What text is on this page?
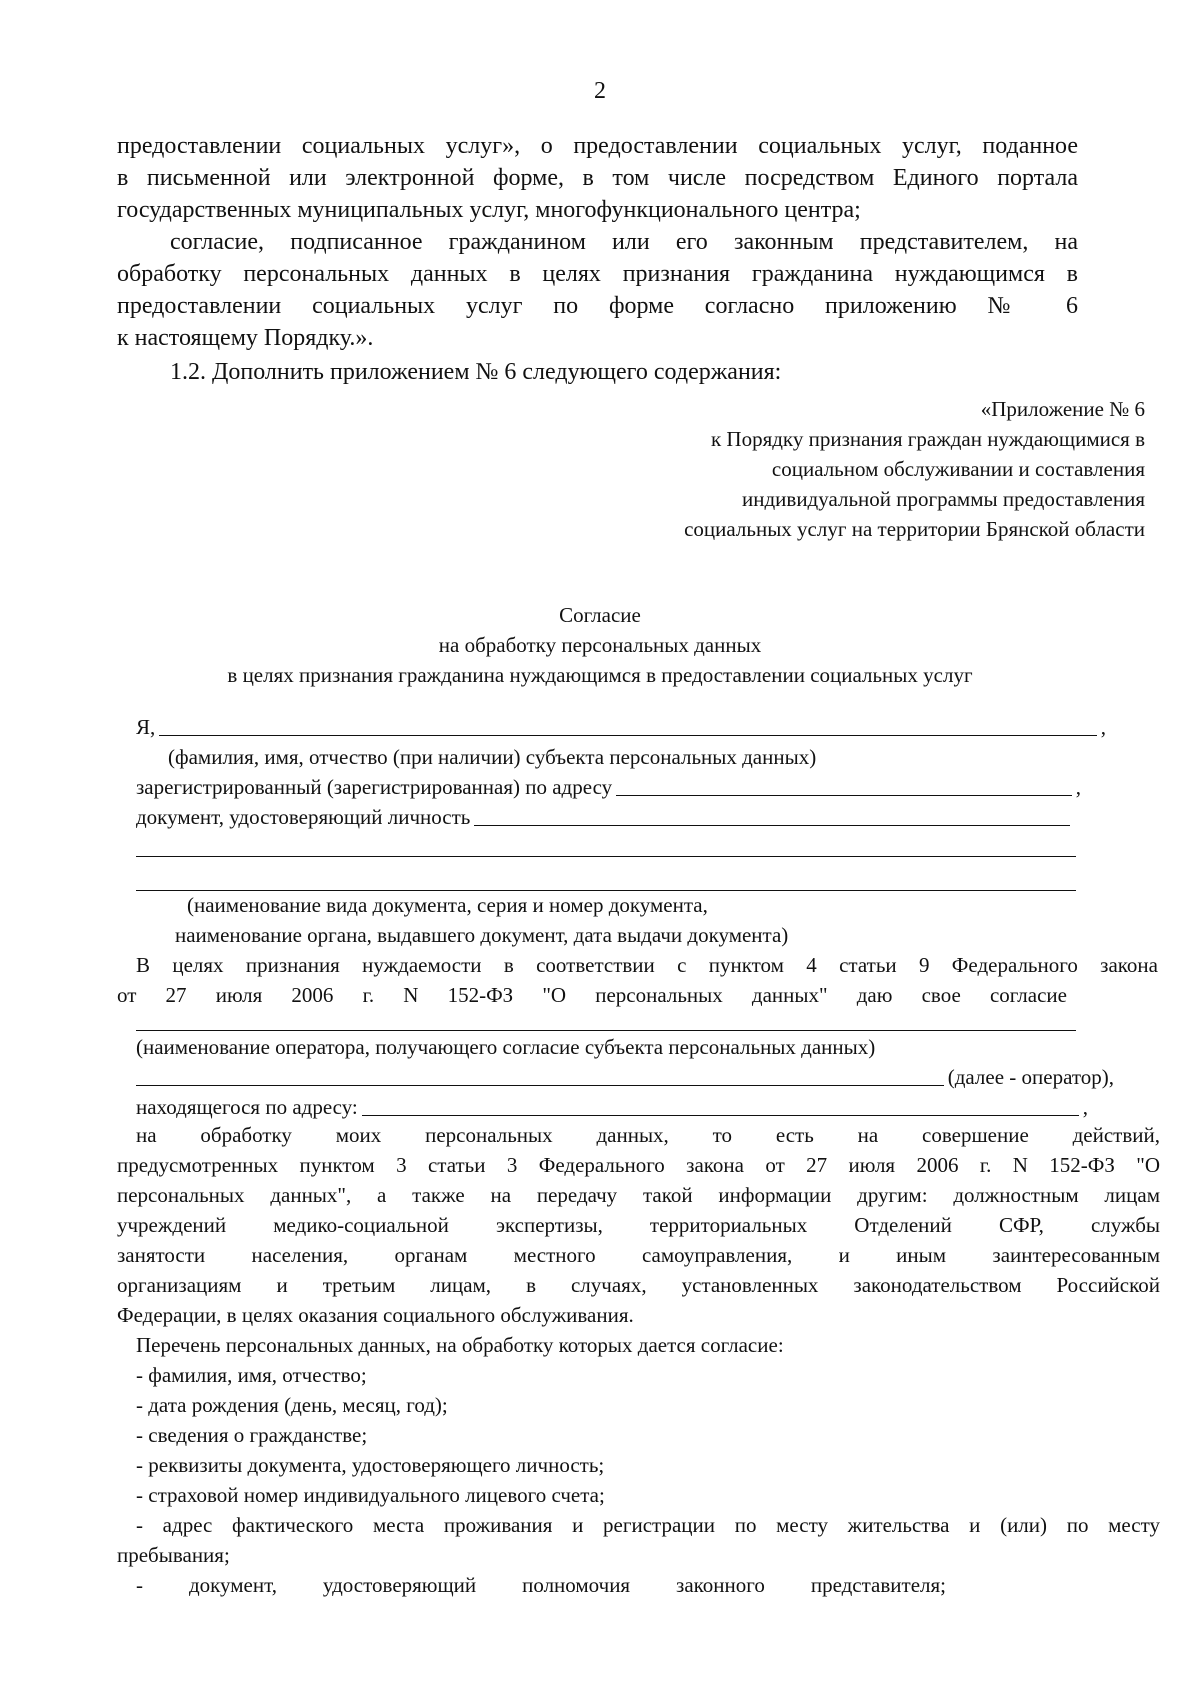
2
предоставлении социальных услуг», о предоставлении социальных услуг, поданное
в письменной или электронной форме, в том числе посредством Единого портала
государственных муниципальных услуг, многофункционального центра;
согласие, подписанное гражданином или его законным представителем, на
обработку персональных данных в целях признания гражданина нуждающимся в
предоставлении социальных услуг по форме согласно приложению № 6
к настоящему Порядку.».
1.2. Дополнить приложением № 6 следующего содержания:
«Приложение № 6
к Порядку признания граждан нуждающимися в
социальном обслуживании и составления
индивидуальной программы предоставления
социальных услуг на территории Брянской области
Согласие
на обработку персональных данных
в целях признания гражданина нуждающимся в предоставлении социальных услуг
Я,	,
(фамилия, имя, отчество (при наличии) субъекта персональных данных)
зарегистрированный (зарегистрированная) по адресу	,
документ, удостоверяющий личность
(наименование вида документа, серия и номер документа,
наименование органа, выдавшего документ, дата выдачи документа)
В целях признания нуждаемости в соответствии с пунктом 4 статьи 9 Федерального закона
от 27 июля 2006 г. N 152-ФЗ "О персональных данных" даю свое согласие
(наименование оператора, получающего согласие субъекта персональных данных)
(далее - оператор),
находящегося по адресу:	,
на обработку моих персональных данных, то есть на совершение действий,
предусмотренных пунктом 3 статьи 3 Федерального закона от 27 июля 2006 г. N 152-ФЗ "О
персональных данных", а также на передачу такой информации другим: должностным лицам
учреждений медико-социальной экспертизы, территориальных Отделений СФР, службы
занятости населения, органам местного самоуправления, и иным заинтересованным
организациям и третьим лицам, в случаях, установленных законодательством Российской
Федерации, в целях оказания социального обслуживания.
Перечень персональных данных, на обработку которых дается согласие:
- фамилия, имя, отчество;
- дата рождения (день, месяц, год);
- сведения о гражданстве;
- реквизиты документа, удостоверяющего личность;
- страховой номер индивидуального лицевого счета;
- адрес фактического места проживания и регистрации по месту жительства и (или) по месту
пребывания;
- документ, удостоверяющий полномочия законного представителя;
